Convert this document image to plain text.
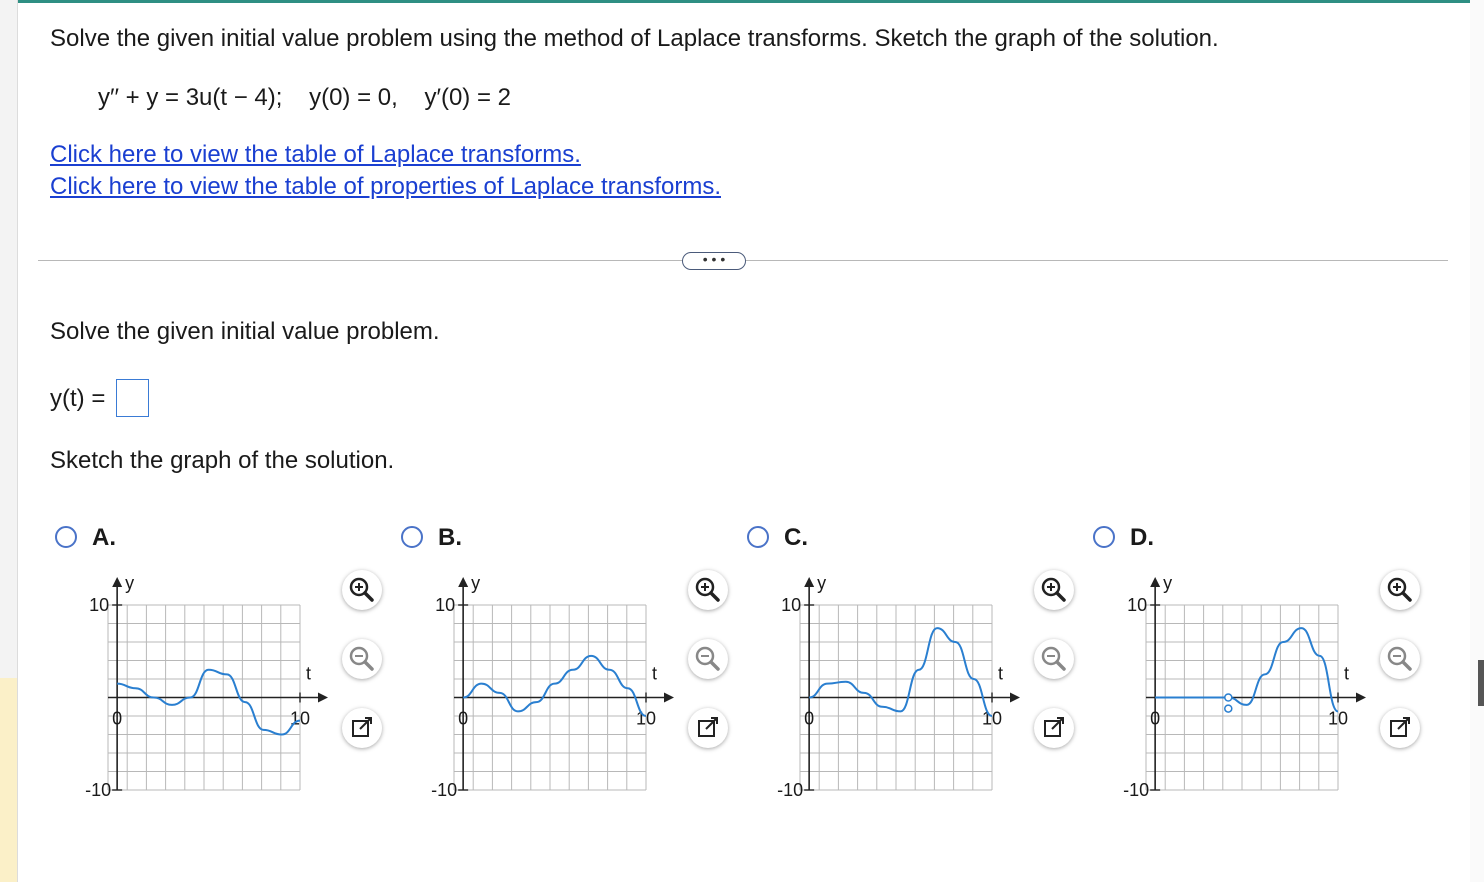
Solve the given initial value problem using the method of Laplace transforms. Sketch the graph of the solution.
y′′ + y = 3u(t − 4);    y(0) = 0,    y′(0) = 2
Click here to view the table of Laplace transforms.
Click here to view the table of properties of Laplace transforms.
• • •
Solve the given initial value problem.
y(t) =
Sketch the graph of the solution.
A.	B.	C.	D.
y
t
10
-10
0	10
y
t
10
-10
0	10
y
t
10
-10
0	10
y
t
10
-10
0	10
